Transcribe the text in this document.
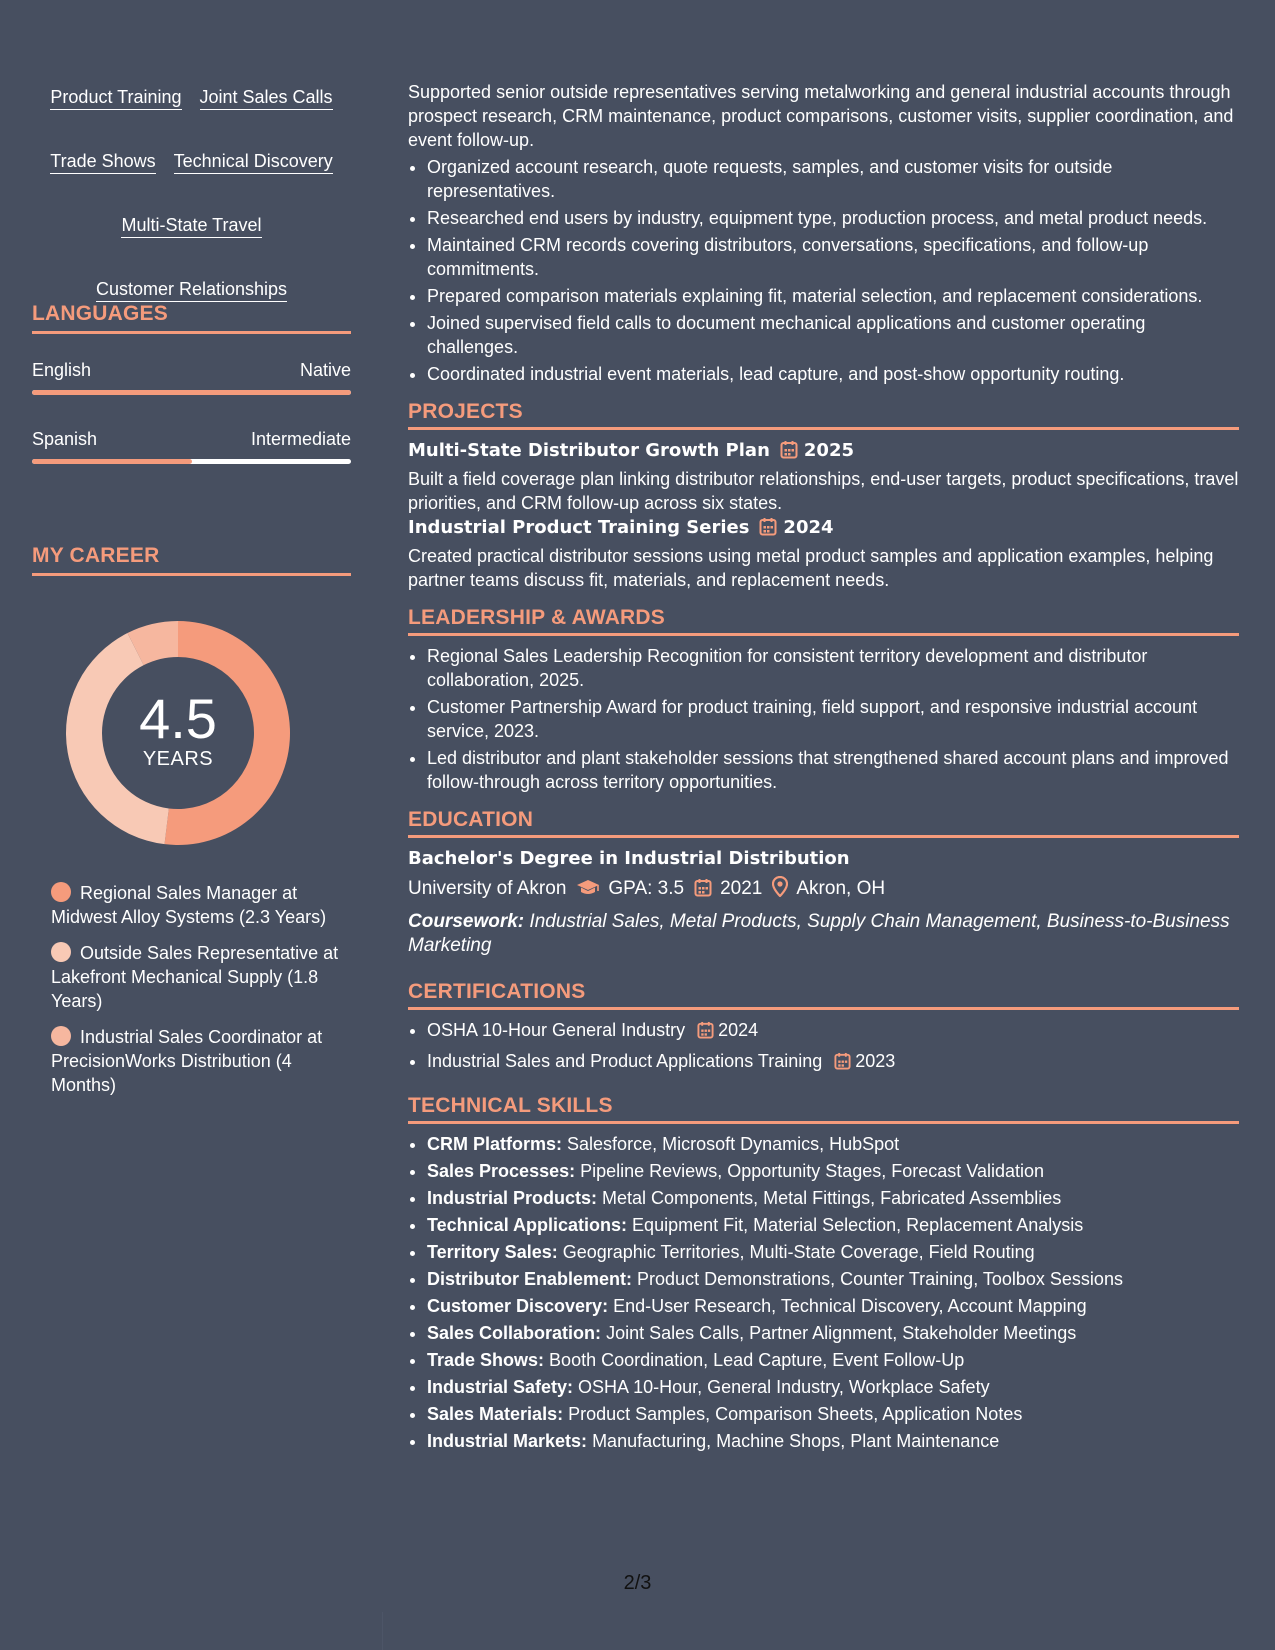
Product Training Joint Sales Calls
Trade Shows Technical Discovery
Multi-State Travel
Customer Relationships
LANGUAGES
English	Native
Spanish	Intermediate
MY CAREER
4.5
YEARS
Regional Sales Manager at Midwest Alloy Systems (2.3 Years)
Outside Sales Representative at Lakefront Mechanical Supply (1.8 Years)
Industrial Sales Coordinator at PrecisionWorks Distribution (4 Months)

Supported senior outside representatives serving metalworking and general industrial accounts through prospect research, CRM maintenance, product comparisons, customer visits, supplier coordination, and event follow-up.

• Organized account research, quote requests, samples, and customer visits for outside representatives.
• Researched end users by industry, equipment type, production process, and metal product needs.
• Maintained CRM records covering distributors, conversations, specifications, and follow-up commitments.
• Prepared comparison materials explaining fit, material selection, and replacement considerations.
• Joined supervised field calls to document mechanical applications and customer operating challenges.
• Coordinated industrial event materials, lead capture, and post-show opportunity routing.
PROJECTS
Multi-State Distributor Growth Plan 2025

Built a field coverage plan linking distributor relationships, end-user targets, product specifications, travel priorities, and CRM follow-up across six states.

Industrial Product Training Series 2024

Created practical distributor sessions using metal product samples and application examples, helping partner teams discuss fit, materials, and replacement needs.

LEADERSHIP & AWARDS
• Regional Sales Leadership Recognition for consistent territory development and distributor collaboration, 2025.
• Customer Partnership Award for product training, field support, and responsive industrial account service, 2023.
• Led distributor and plant stakeholder sessions that strengthened shared account plans and improved follow-through across territory opportunities.
EDUCATION
Bachelor's Degree in Industrial Distribution
University of Akron GPA: 3.5 2021 Akron, OH
Coursework: Industrial Sales, Metal Products, Supply Chain Management, Business-to-Business Marketing
CERTIFICATIONS
• OSHA 10-Hour General Industry 2024
• Industrial Sales and Product Applications Training 2023
TECHNICAL SKILLS
• CRM Platforms: Salesforce, Microsoft Dynamics, HubSpot
• Sales Processes: Pipeline Reviews, Opportunity Stages, Forecast Validation
• Industrial Products: Metal Components, Metal Fittings, Fabricated Assemblies
• Technical Applications: Equipment Fit, Material Selection, Replacement Analysis
• Territory Sales: Geographic Territories, Multi-State Coverage, Field Routing
• Distributor Enablement: Product Demonstrations, Counter Training, Toolbox Sessions
• Customer Discovery: End-User Research, Technical Discovery, Account Mapping
• Sales Collaboration: Joint Sales Calls, Partner Alignment, Stakeholder Meetings
• Trade Shows: Booth Coordination, Lead Capture, Event Follow-Up
• Industrial Safety: OSHA 10-Hour, General Industry, Workplace Safety
• Sales Materials: Product Samples, Comparison Sheets, Application Notes
• Industrial Markets: Manufacturing, Machine Shops, Plant Maintenance
2/3
